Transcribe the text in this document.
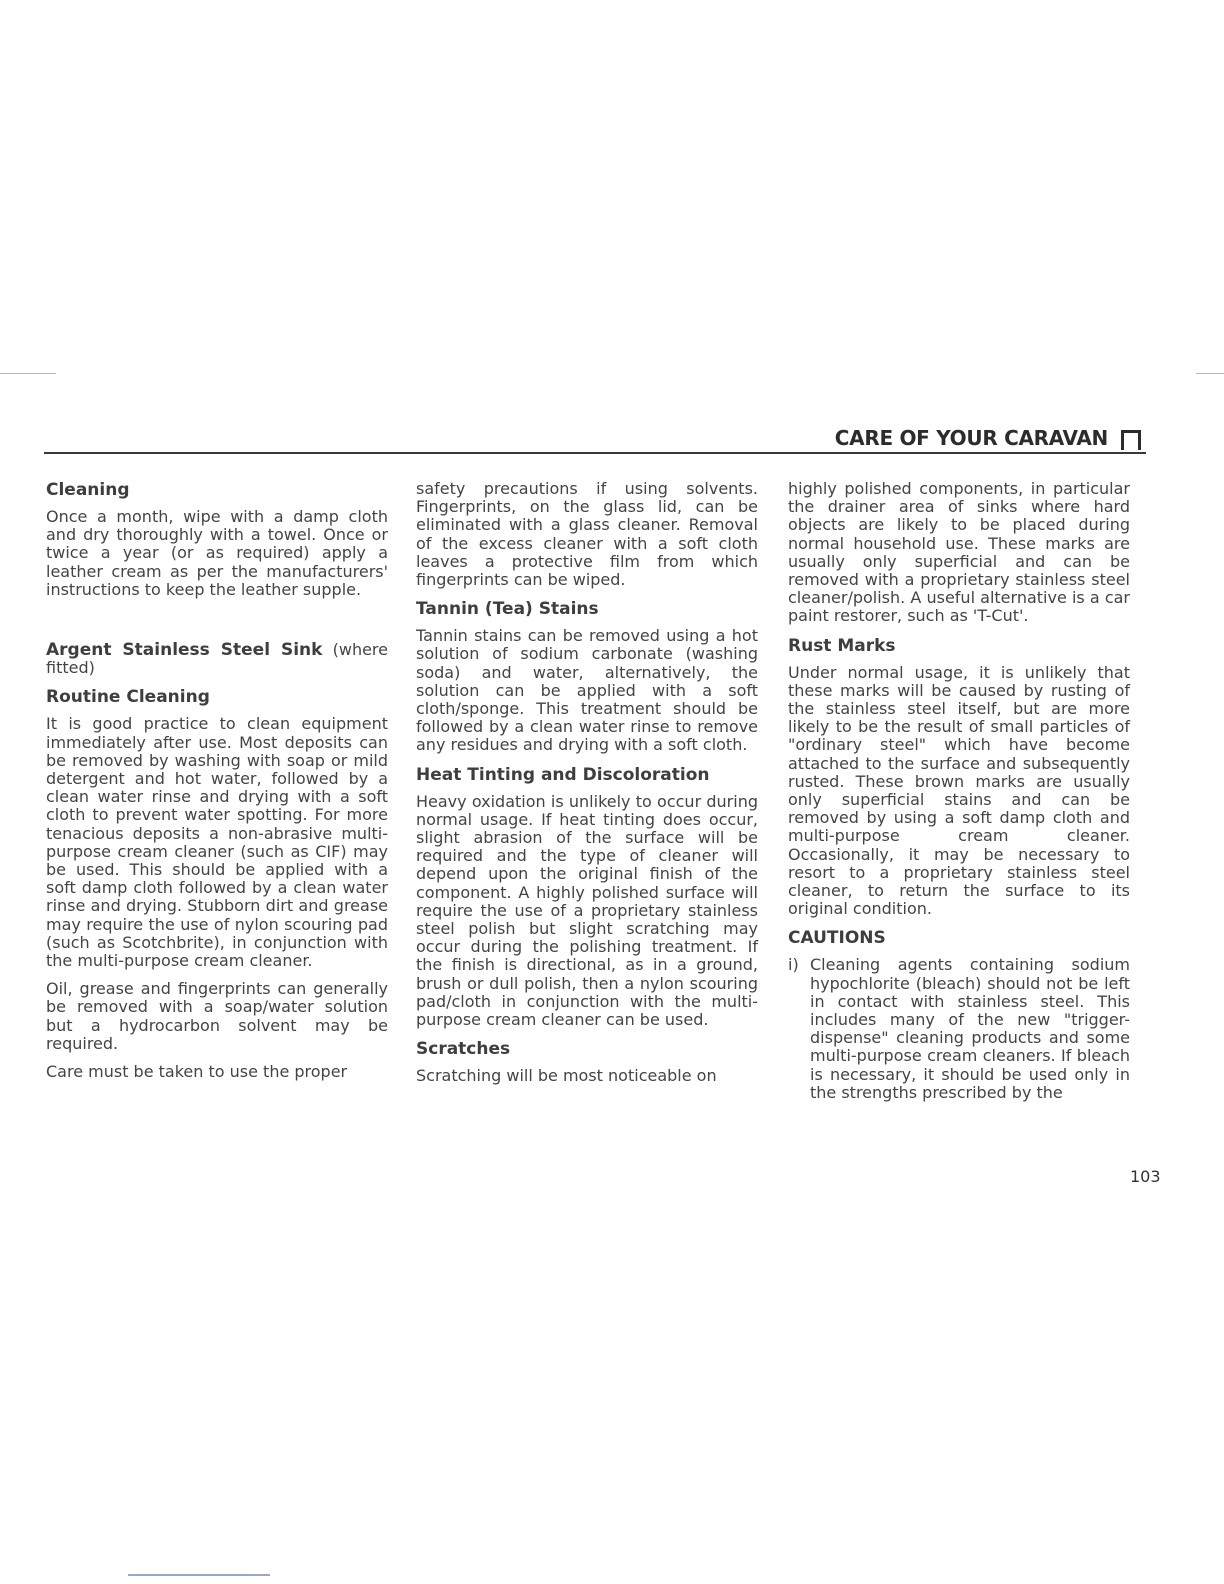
CARE OF YOUR CARAVAN
Cleaning

Once a month, wipe with a damp cloth and dry thoroughly with a towel. Once or twice a year (or as required) apply a leather cream as per the manufacturers' instructions to keep the leather supple.

Argent Stainless Steel Sink (where fitted)

Routine Cleaning

It is good practice to clean equipment immediately after use. Most deposits can be removed by washing with soap or mild detergent and hot water, followed by a clean water rinse and drying with a soft cloth to prevent water spotting. For more tenacious deposits a non-abrasive multi-purpose cream cleaner (such as CIF) may be used. This should be applied with a soft damp cloth followed by a clean water rinse and drying. Stubborn dirt and grease may require the use of nylon scouring pad (such as Scotchbrite), in conjunction with the multi-purpose cream cleaner.

Oil, grease and fingerprints can generally be removed with a soap/water solution but a hydrocarbon solvent may be required.

Care must be taken to use the proper

safety precautions if using solvents. Fingerprints, on the glass lid, can be eliminated with a glass cleaner. Removal of the excess cleaner with a soft cloth leaves a protective film from which fingerprints can be wiped.

Tannin (Tea) Stains

Tannin stains can be removed using a hot solution of sodium carbonate (washing soda) and water, alternatively, the solution can be applied with a soft cloth/sponge. This treatment should be followed by a clean water rinse to remove any residues and drying with a soft cloth.

Heat Tinting and Discoloration

Heavy oxidation is unlikely to occur during normal usage. If heat tinting does occur, slight abrasion of the surface will be required and the type of cleaner will depend upon the original finish of the component. A highly polished surface will require the use of a proprietary stainless steel polish but slight scratching may occur during the polishing treatment. If the finish is directional, as in a ground, brush or dull polish, then a nylon scouring pad/cloth in conjunction with the multi-purpose cream cleaner can be used.

Scratches

Scratching will be most noticeable on

highly polished components, in particular the drainer area of sinks where hard objects are likely to be placed during normal household use. These marks are usually only superficial and can be removed with a proprietary stainless steel cleaner/polish. A useful alternative is a car paint restorer, such as 'T-Cut'.

Rust Marks

Under normal usage, it is unlikely that these marks will be caused by rusting of the stainless steel itself, but are more likely to be the result of small particles of "ordinary steel" which have become attached to the surface and subsequently rusted. These brown marks are usually only superficial stains and can be removed by using a soft damp cloth and multi-purpose cream cleaner. Occasionally, it may be necessary to resort to a proprietary stainless steel cleaner, to return the surface to its original condition.

CAUTIONS
i) Cleaning agents containing sodium hypochlorite (bleach) should not be left in contact with stainless steel. This includes many of the new "trigger-dispense" cleaning products and some multi-purpose cream cleaners. If bleach is necessary, it should be used only in the strengths prescribed by the
103
